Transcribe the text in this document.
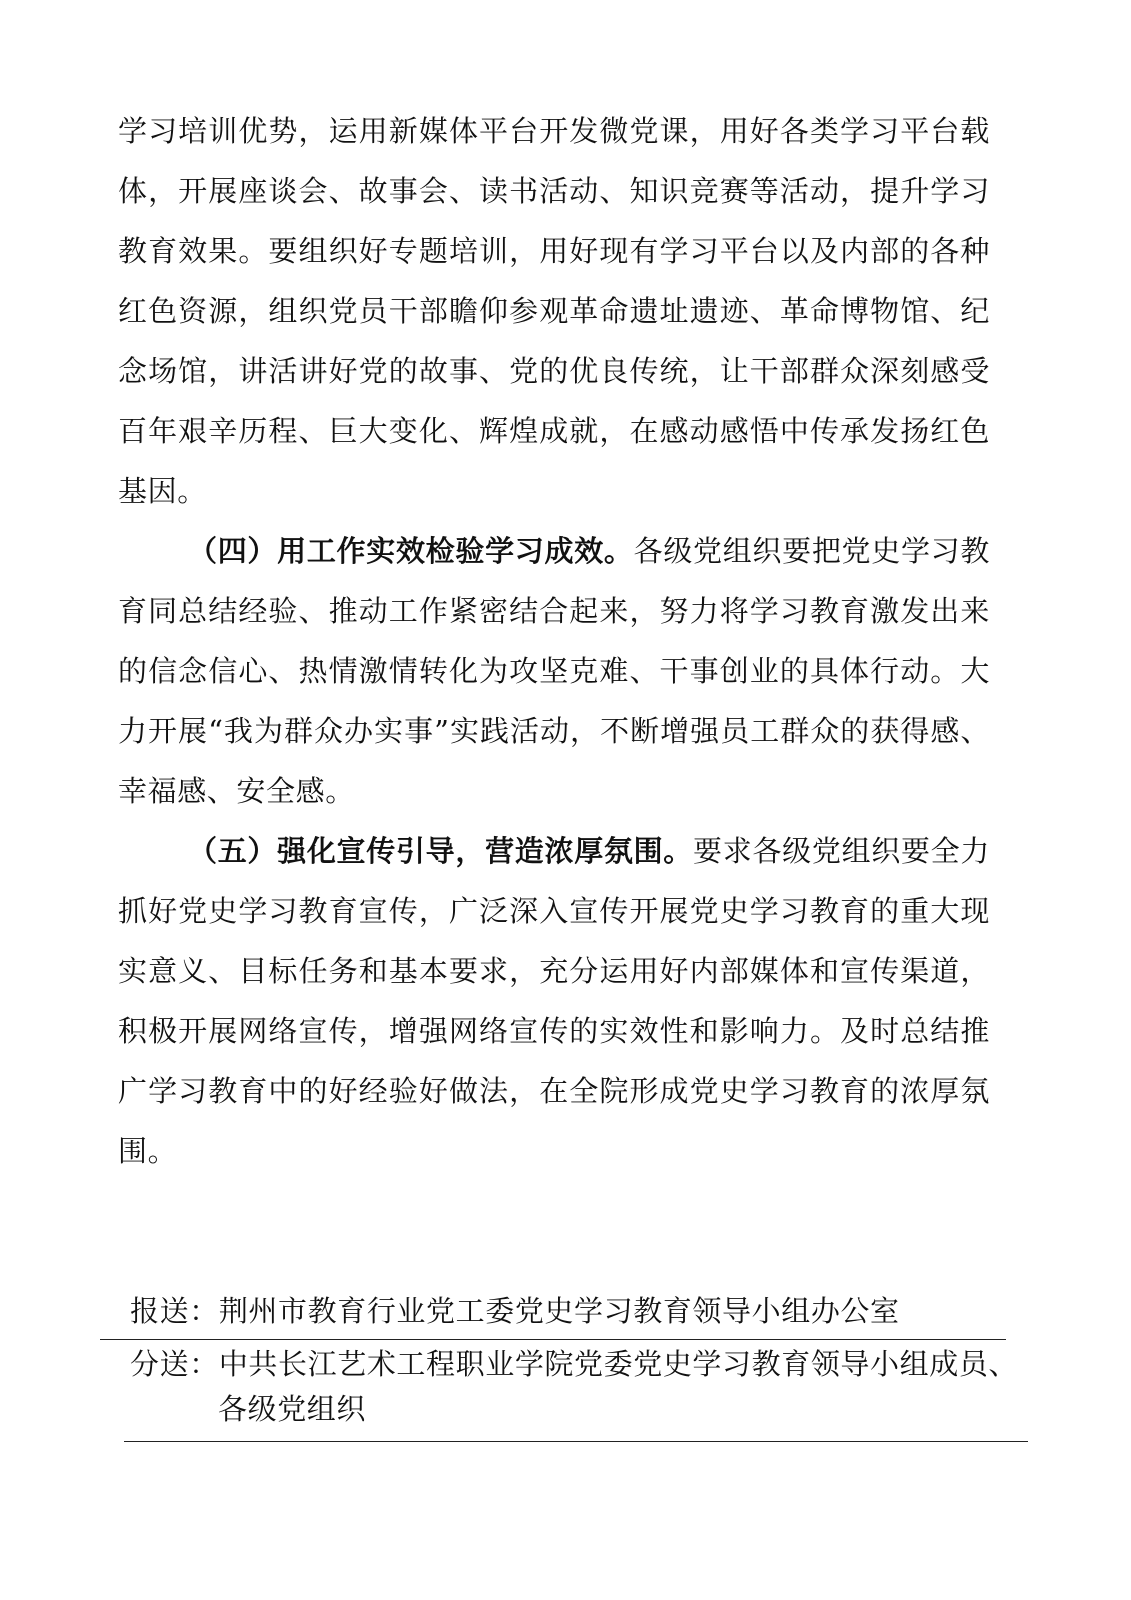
学习培训优势，运用新媒体平台开发微党课，用好各类学习平台载体，开展座谈会、故事会、读书活动、知识竞赛等活动，提升学习教育效果。要组织好专题培训，用好现有学习平台以及内部的各种红色资源，组织党员干部瞻仰参观革命遗址遗迹、革命博物馆、纪念场馆，讲活讲好党的故事、党的优良传统，让干部群众深刻感受百年艰辛历程、巨大变化、辉煌成就，在感动感悟中传承发扬红色基因。

（四）用工作实效检验学习成效。各级党组织要把党史学习教育同总结经验、推动工作紧密结合起来，努力将学习教育激发出来的信念信心、热情激情转化为攻坚克难、干事创业的具体行动。大力开展“我为群众办实事”实践活动，不断增强员工群众的获得感、幸福感、安全感。

（五）强化宣传引导，营造浓厚氛围。要求各级党组织要全力抓好党史学习教育宣传，广泛深入宣传开展党史学习教育的重大现实意义、目标任务和基本要求，充分运用好内部媒体和宣传渠道，积极开展网络宣传，增强网络宣传的实效性和影响力。及时总结推广学习教育中的好经验好做法，在全院形成党史学习教育的浓厚氛围。

报送：荆州市教育行业党工委党史学习教育领导小组办公室
分送：中共长江艺术工程职业学院党委党史学习教育领导小组成员、
各级党组织
